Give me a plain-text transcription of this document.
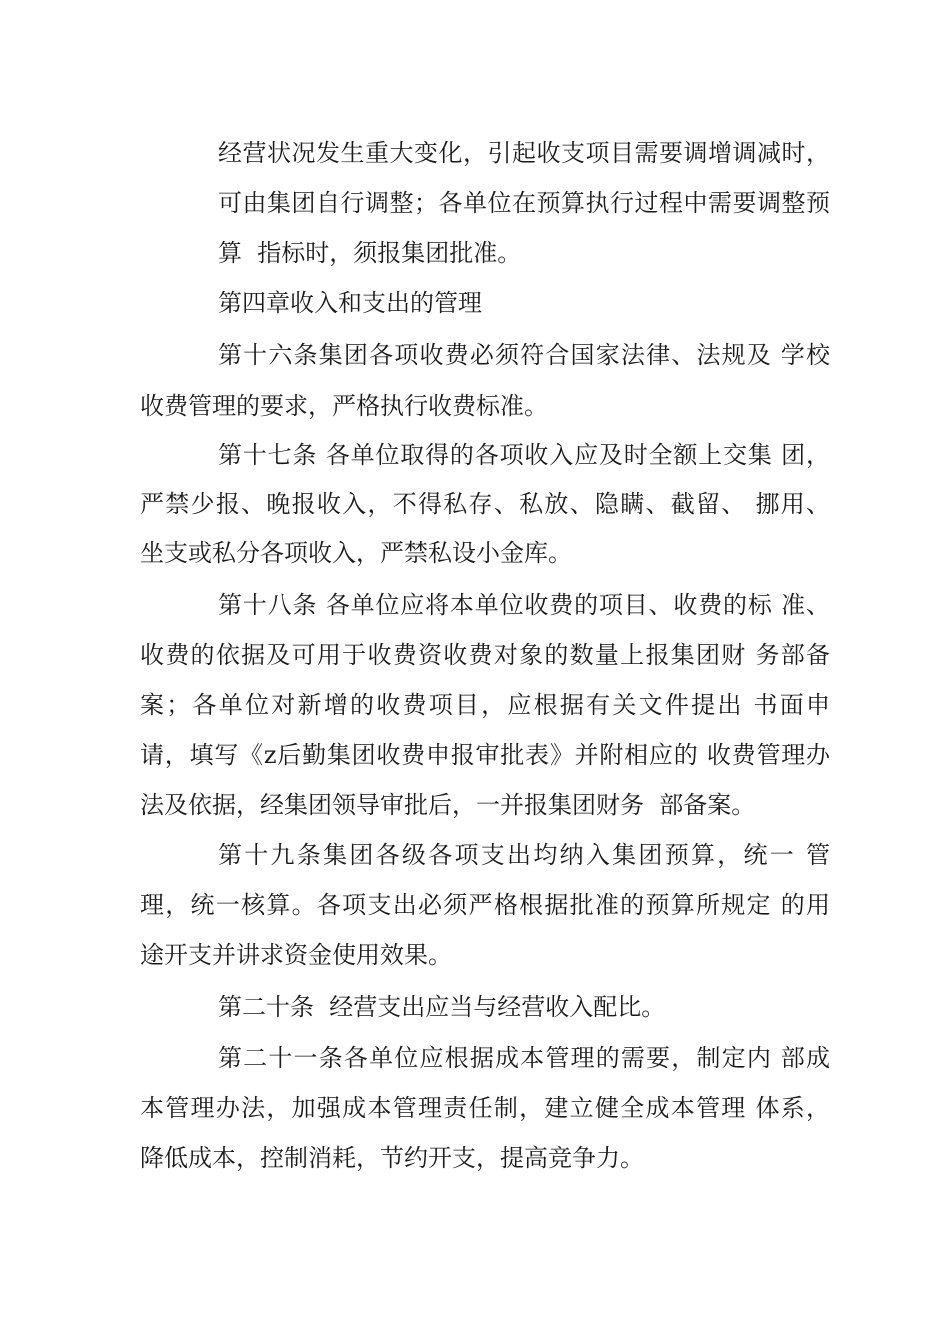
经营状况发生重大变化，引起收支项目需要调增调减时，
可由集团自行调整；各单位在预算执行过程中需要调整预
算  指标时，须报集团批准。
第四章收入和支出的管理
第十六条集团各项收费必须符合国家法律、法规及 学校
收费管理的要求，严格执行收费标准。
第十七条 各单位取得的各项收入应及时全额上交集 团，
严禁少报、晚报收入，不得私存、私放、隐瞒、截留、 挪用、
坐支或私分各项收入，严禁私设小金库。
第十八条 各单位应将本单位收费的项目、收费的标 准、
收费的依据及可用于收费资收费对象的数量上报集团财 务部备
案；各单位对新增的收费项目，应根据有关文件提出 书面申
请，填写《z后勤集团收费申报审批表》并附相应的 收费管理办
法及依据，经集团领导审批后，一并报集团财务  部备案。
第十九条集团各级各项支出均纳入集团预算，统一 管
理，统一核算。各项支出必须严格根据批准的预算所规定 的用
途开支并讲求资金使用效果。
第二十条  经营支出应当与经营收入配比。
第二十一条各单位应根据成本管理的需要，制定内 部成
本管理办法，加强成本管理责任制，建立健全成本管理 体系，
降低成本，控制消耗，节约开支，提高竞争力。
